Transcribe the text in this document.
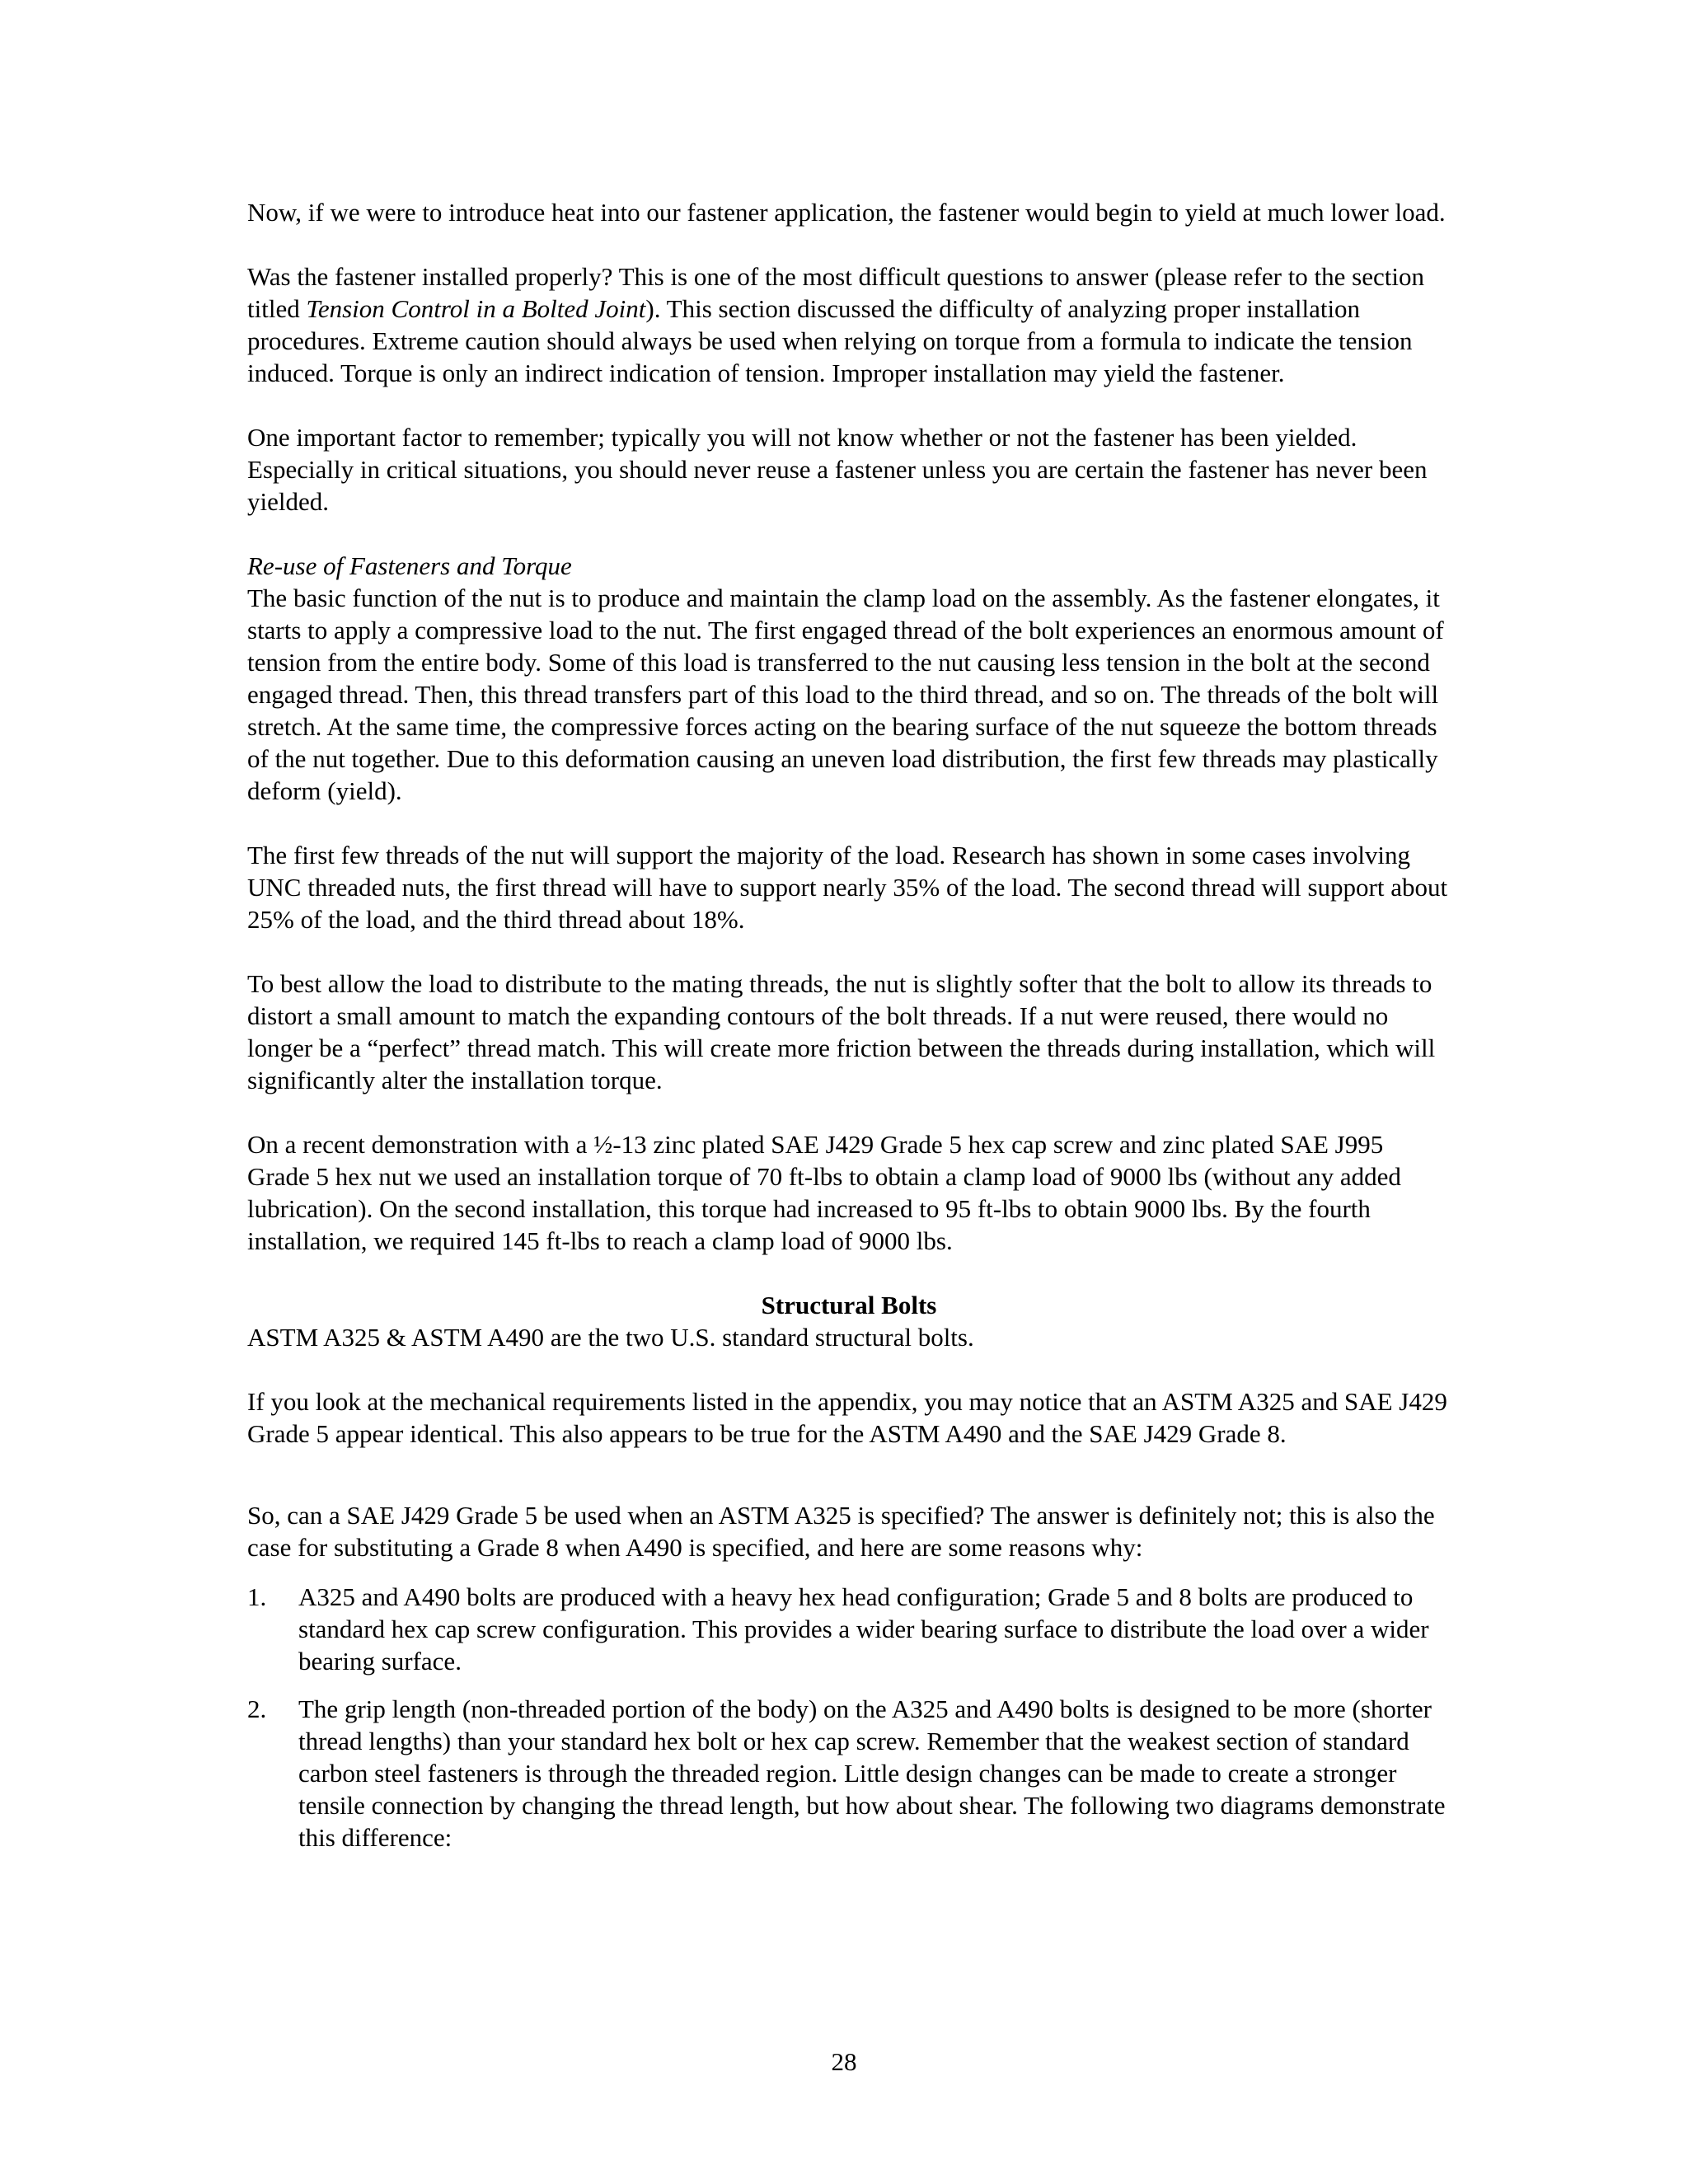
Now, if we were to introduce heat into our fastener application, the fastener would begin to yield at much lower load.

Was the fastener installed properly? This is one of the most difficult questions to answer (please refer to the section titled Tension Control in a Bolted Joint). This section discussed the difficulty of analyzing proper installation procedures. Extreme caution should always be used when relying on torque from a formula to indicate the tension induced. Torque is only an indirect indication of tension. Improper installation may yield the fastener.

One important factor to remember; typically you will not know whether or not the fastener has been yielded. Especially in critical situations, you should never reuse a fastener unless you are certain the fastener has never been yielded.

Re-use of Fasteners and Torque

The basic function of the nut is to produce and maintain the clamp load on the assembly. As the fastener elongates, it starts to apply a compressive load to the nut. The first engaged thread of the bolt experiences an enormous amount of tension from the entire body. Some of this load is transferred to the nut causing less tension in the bolt at the second engaged thread. Then, this thread transfers part of this load to the third thread, and so on. The threads of the bolt will stretch. At the same time, the compressive forces acting on the bearing surface of the nut squeeze the bottom threads of the nut together. Due to this deformation causing an uneven load distribution, the first few threads may plastically deform (yield).

The first few threads of the nut will support the majority of the load. Research has shown in some cases involving UNC threaded nuts, the first thread will have to support nearly 35% of the load. The second thread will support about 25% of the load, and the third thread about 18%.

To best allow the load to distribute to the mating threads, the nut is slightly softer that the bolt to allow its threads to distort a small amount to match the expanding contours of the bolt threads. If a nut were reused, there would no longer be a “perfect” thread match. This will create more friction between the threads during installation, which will significantly alter the installation torque.

On a recent demonstration with a ½-13 zinc plated SAE J429 Grade 5 hex cap screw and zinc plated SAE J995 Grade 5 hex nut we used an installation torque of 70 ft-lbs to obtain a clamp load of 9000 lbs (without any added lubrication). On the second installation, this torque had increased to 95 ft-lbs to obtain 9000 lbs. By the fourth installation, we required 145 ft-lbs to reach a clamp load of 9000 lbs.

Structural Bolts

ASTM A325 & ASTM A490 are the two U.S. standard structural bolts.

If you look at the mechanical requirements listed in the appendix, you may notice that an ASTM A325 and SAE J429 Grade 5 appear identical. This also appears to be true for the ASTM A490 and the SAE J429 Grade 8.

So, can a SAE J429 Grade 5 be used when an ASTM A325 is specified? The answer is definitely not; this is also the case for substituting a Grade 8 when A490 is specified, and here are some reasons why:

1. A325 and A490 bolts are produced with a heavy hex head configuration; Grade 5 and 8 bolts are produced to standard hex cap screw configuration. This provides a wider bearing surface to distribute the load over a wider bearing surface.
2. The grip length (non-threaded portion of the body) on the A325 and A490 bolts is designed to be more (shorter thread lengths) than your standard hex bolt or hex cap screw. Remember that the weakest section of standard carbon steel fasteners is through the threaded region. Little design changes can be made to create a stronger tensile connection by changing the thread length, but how about shear. The following two diagrams demonstrate this difference:
28
